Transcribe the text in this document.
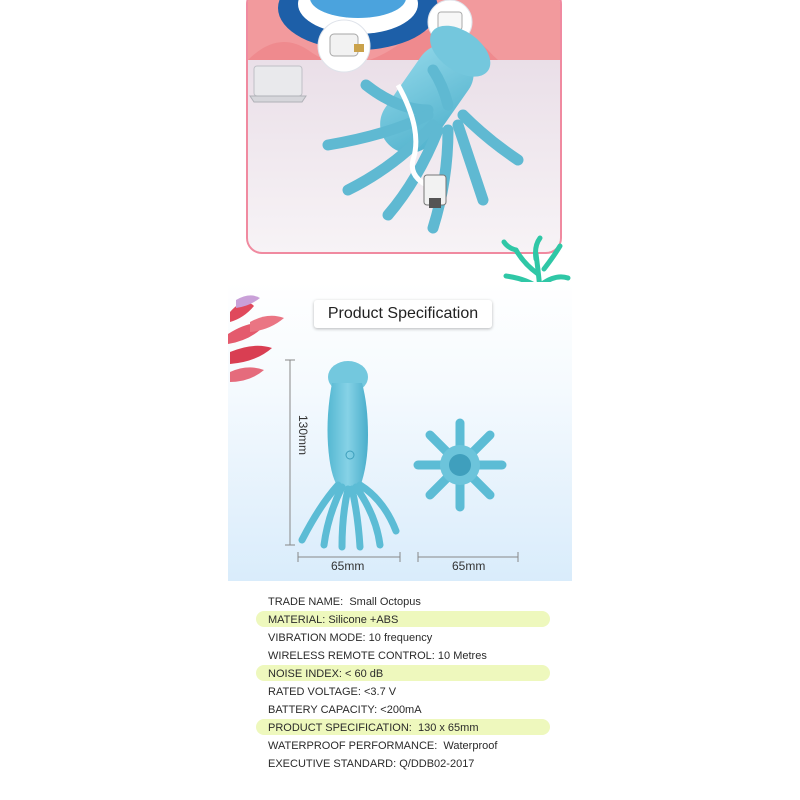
Product Specification
130mm
65mm	65mm
TRADE NAME: Small Octopus
MATERIAL: Silicone +ABS
VIBRATION MODE: 10 frequency
WIRELESS REMOTE CONTROL: 10 Metres
NOISE INDEX: < 60 dB
RATED VOLTAGE: <3.7 V
BATTERY CAPACITY: <200mA
PRODUCT SPECIFICATION: 130 x 65mm
WATERPROOF PERFORMANCE: Waterproof
EXECUTIVE STANDARD: Q/DDB02-2017
